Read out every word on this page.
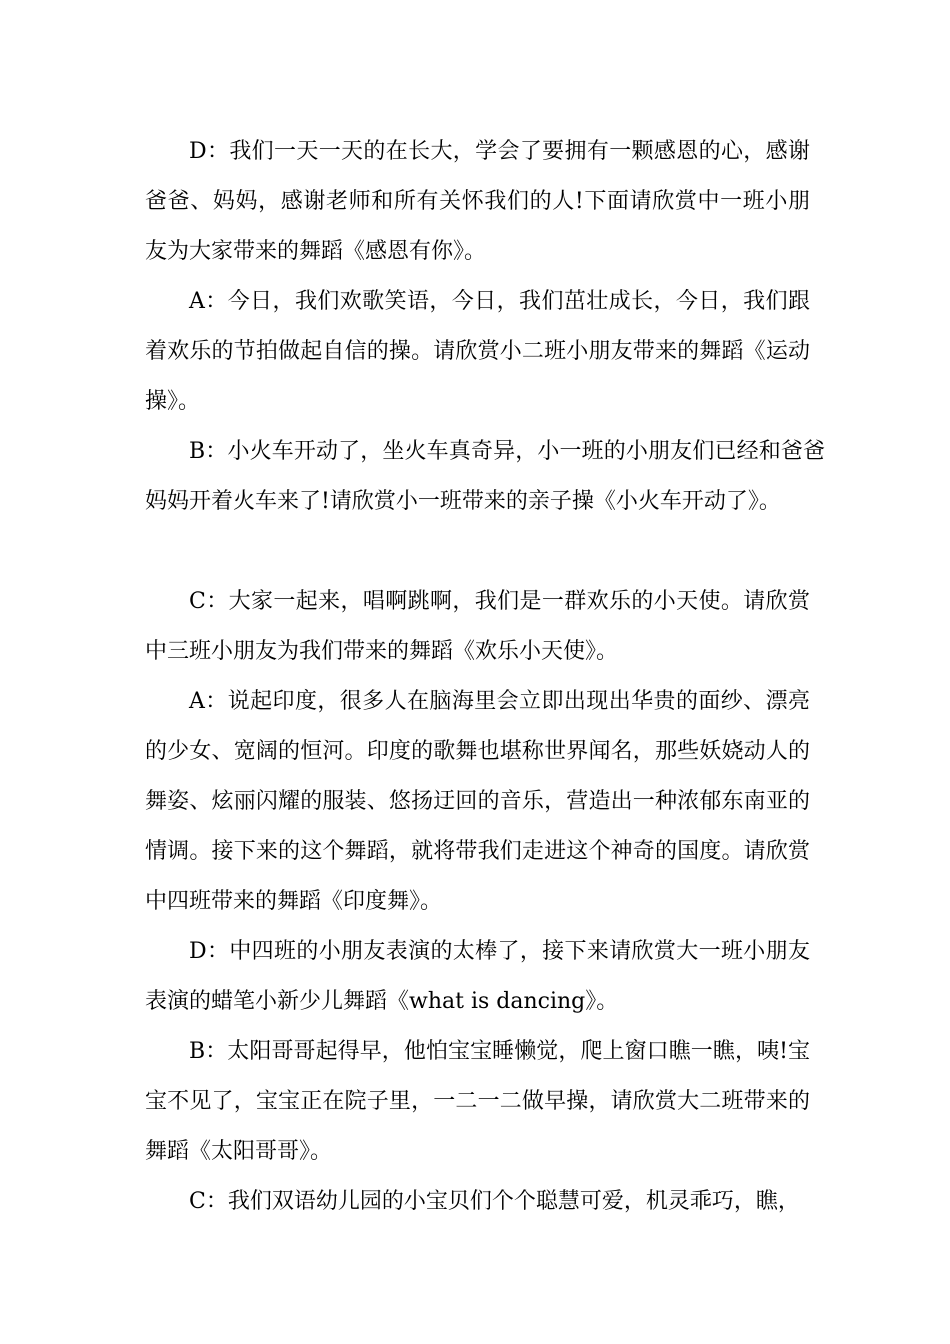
D：我们一天一天的在长大，学会了要拥有一颗感恩的心，感谢爸爸、妈妈，感谢老师和所有关怀我们的人!下面请欣赏中一班小朋友为大家带来的舞蹈《感恩有你》。

A：今日，我们欢歌笑语，今日，我们茁壮成长，今日，我们跟着欢乐的节拍做起自信的操。请欣赏小二班小朋友带来的舞蹈《运动操》。

B：小火车开动了，坐火车真奇异，小一班的小朋友们已经和爸爸妈妈开着火车来了!请欣赏小一班带来的亲子操《小火车开动了》。

C：大家一起来，唱啊跳啊，我们是一群欢乐的小天使。请欣赏中三班小朋友为我们带来的舞蹈《欢乐小天使》。

A：说起印度，很多人在脑海里会立即出现出华贵的面纱、漂亮的少女、宽阔的恒河。印度的歌舞也堪称世界闻名，那些妖娆动人的舞姿、炫丽闪耀的服装、悠扬迂回的音乐，营造出一种浓郁东南亚的情调。接下来的这个舞蹈，就将带我们走进这个神奇的国度。请欣赏中四班带来的舞蹈《印度舞》。

D：中四班的小朋友表演的太棒了，接下来请欣赏大一班小朋友表演的蜡笔小新少儿舞蹈《what is dancing》。

B：太阳哥哥起得早，他怕宝宝睡懒觉，爬上窗口瞧一瞧，咦!宝宝不见了，宝宝正在院子里，一二一二做早操，请欣赏大二班带来的舞蹈《太阳哥哥》。

C：我们双语幼儿园的小宝贝们个个聪慧可爱，机灵乖巧，瞧，
